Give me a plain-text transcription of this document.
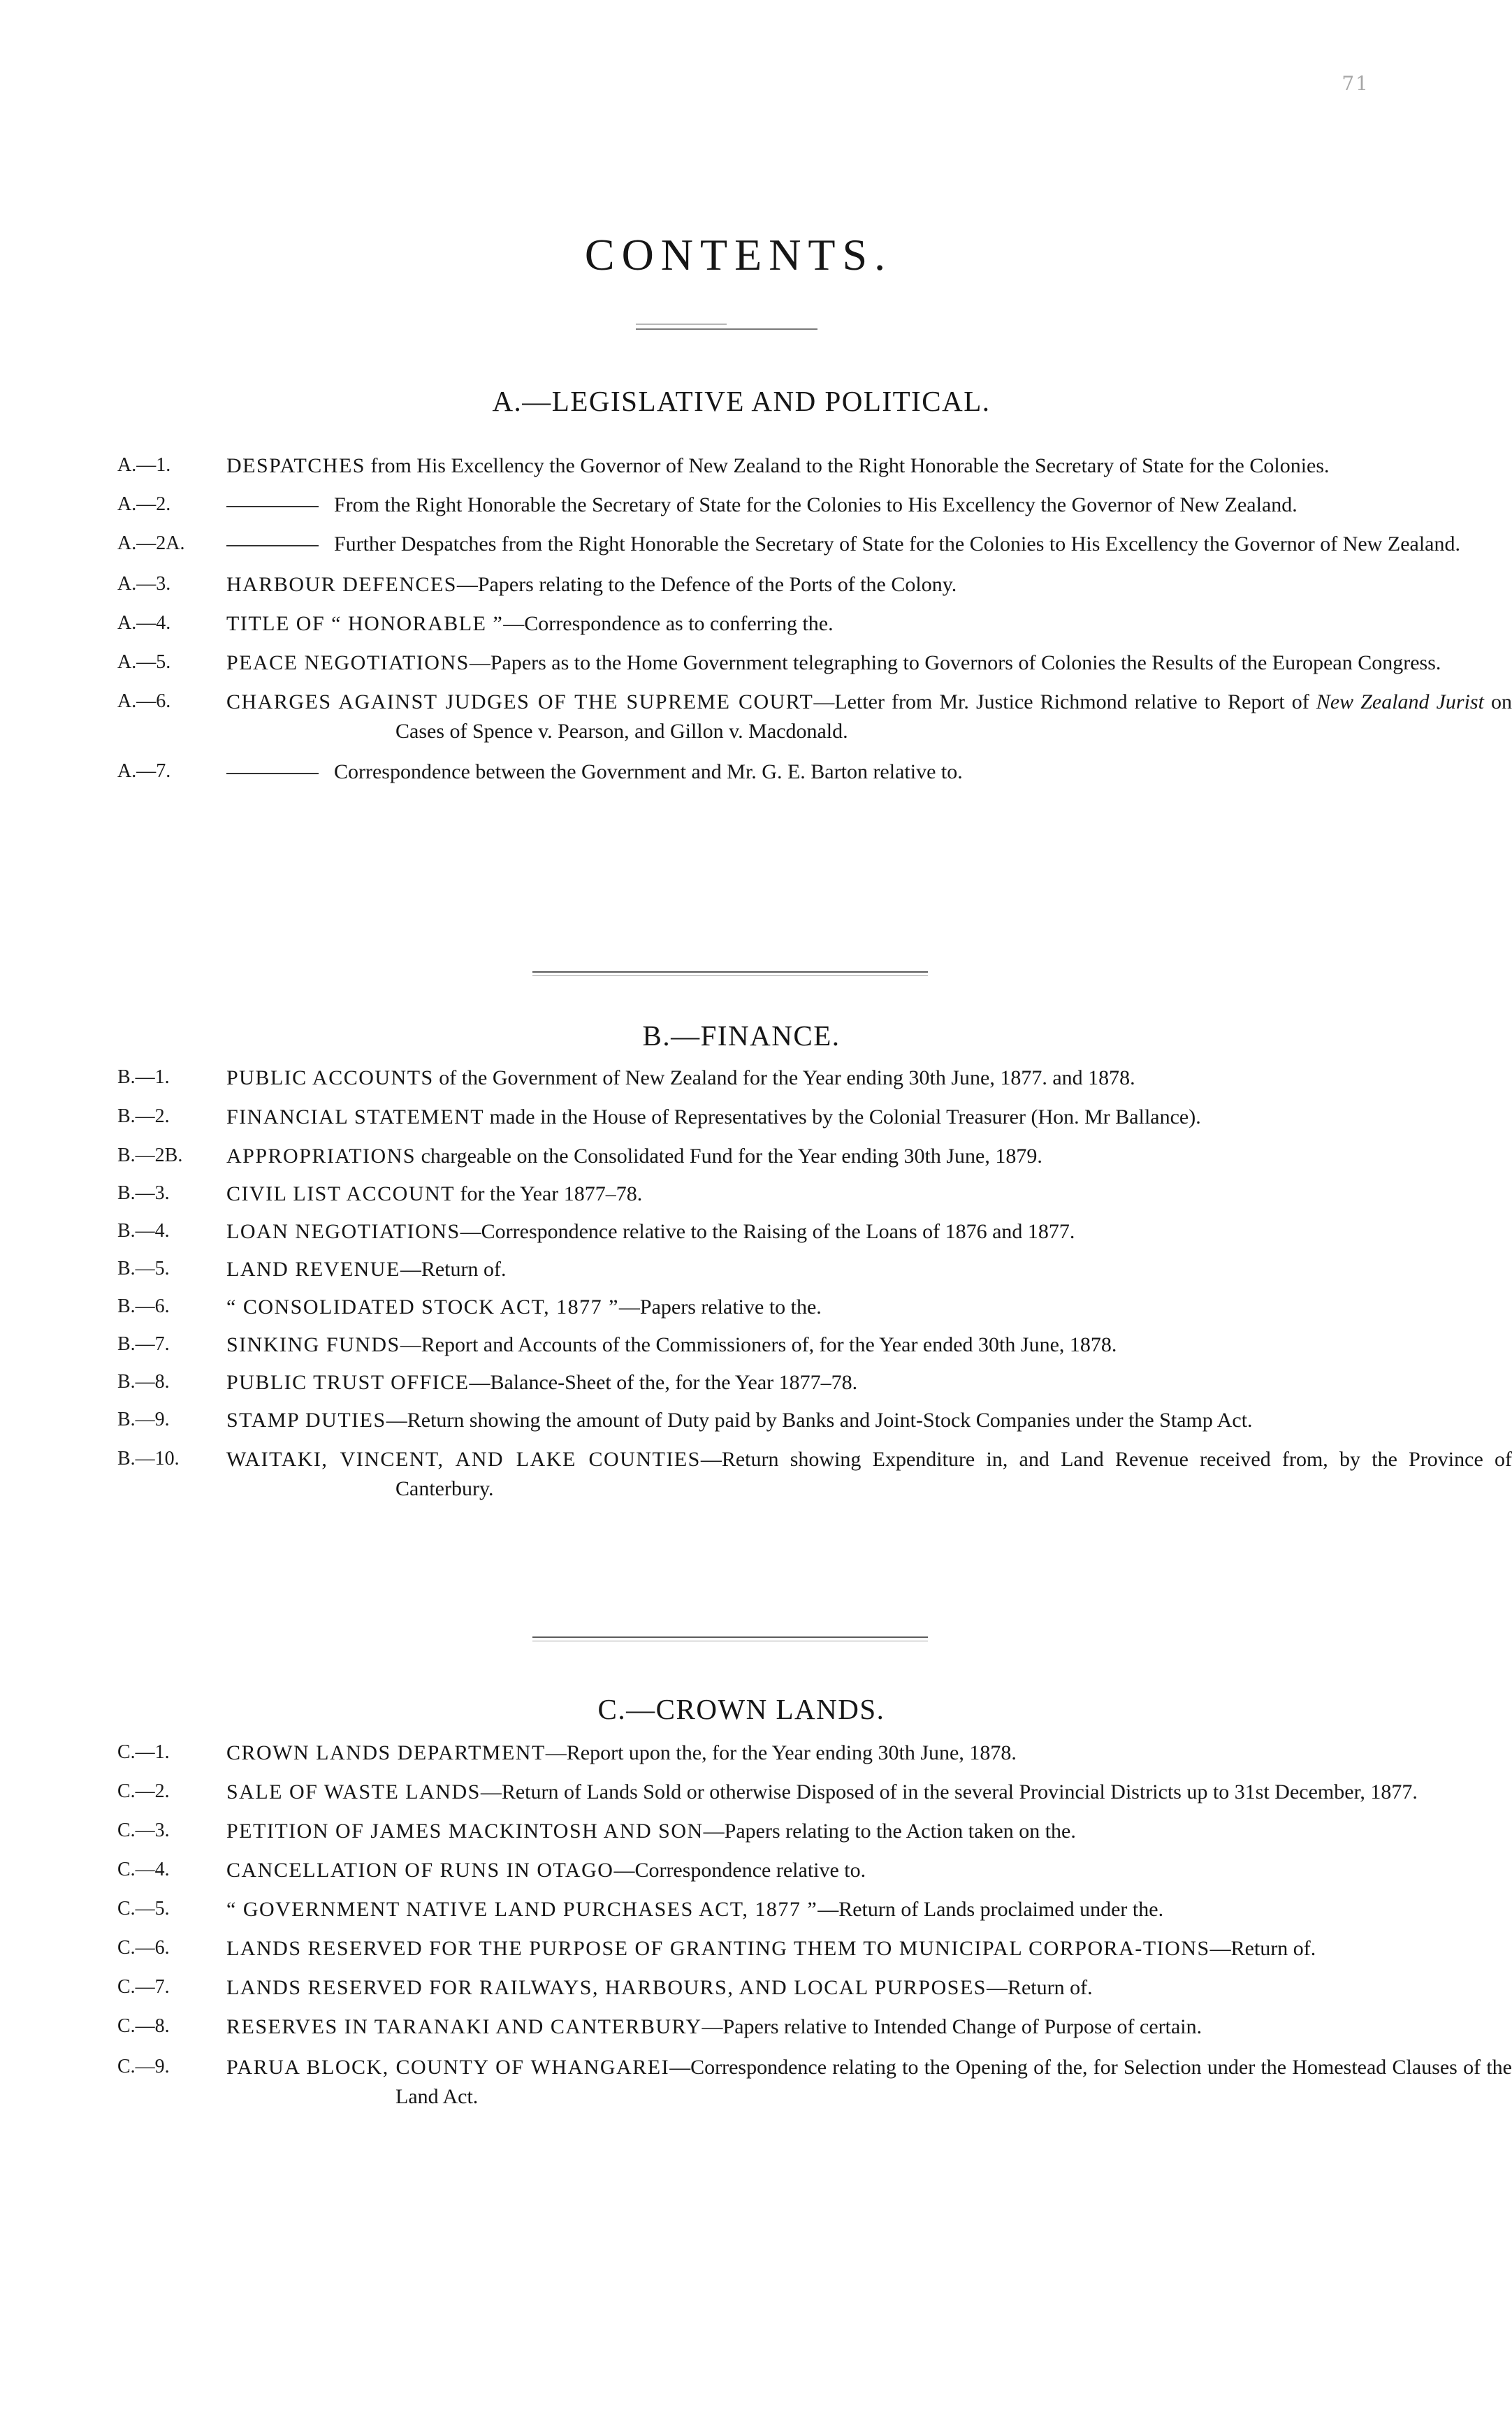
71
CONTENTS.
A.—LEGISLATIVE AND POLITICAL.
A.—1.	DESPATCHES from His Excellency the Governor of New Zealand to the Right Honorable the Secretary of State for the Colonies.
A.—2.	From the Right Honorable the Secretary of State for the Colonies to His Excellency the Governor of New Zealand.
A.—2A.	Further Despatches from the Right Honorable the Secretary of State for the Colonies to His Excellency the Governor of New Zealand.
A.—3.	HARBOUR DEFENCES—Papers relating to the Defence of the Ports of the Colony.
A.—4.	TITLE OF “ HONORABLE ”—Correspondence as to conferring the.
A.—5.	PEACE NEGOTIATIONS—Papers as to the Home Government telegraphing to Governors of Colonies the Results of the European Congress.
A.—6.	CHARGES AGAINST JUDGES OF THE SUPREME COURT—Letter from Mr. Justice Richmond relative to Report of New Zealand Jurist on Cases of Spence v. Pearson, and Gillon v. Macdonald.
A.—7.	Correspondence between the Government and Mr. G. E. Barton relative to.
B.—FINANCE.
B.—1.	PUBLIC ACCOUNTS of the Government of New Zealand for the Year ending 30th June, 1877. and 1878.
B.—2.	FINANCIAL STATEMENT made in the House of Representatives by the Colonial Treasurer (Hon. Mr Ballance).
B.—2B.	APPROPRIATIONS chargeable on the Consolidated Fund for the Year ending 30th June, 1879.
B.—3.	CIVIL LIST ACCOUNT for the Year 1877–78.
B.—4.	LOAN NEGOTIATIONS—Correspondence relative to the Raising of the Loans of 1876 and 1877.
B.—5.	LAND REVENUE—Return of.
B.—6.	“ CONSOLIDATED STOCK ACT, 1877 ”—Papers relative to the.
B.—7.	SINKING FUNDS—Report and Accounts of the Commissioners of, for the Year ended 30th June, 1878.
B.—8.	PUBLIC TRUST OFFICE—Balance-Sheet of the, for the Year 1877–78.
B.—9.	STAMP DUTIES—Return showing the amount of Duty paid by Banks and Joint-Stock Companies under the Stamp Act.
B.—10.	WAITAKI, VINCENT, AND LAKE COUNTIES—Return showing Expenditure in, and Land Revenue received from, by the Province of Canterbury.
C.—CROWN LANDS.
C.—1.	CROWN LANDS DEPARTMENT—Report upon the, for the Year ending 30th June, 1878.
C.—2.	SALE OF WASTE LANDS—Return of Lands Sold or otherwise Disposed of in the several Provincial Districts up to 31st December, 1877.
C.—3.	PETITION OF JAMES MACKINTOSH AND SON—Papers relating to the Action taken on the.
C.—4.	CANCELLATION OF RUNS IN OTAGO—Correspondence relative to.
C.—5.	“ GOVERNMENT NATIVE LAND PURCHASES ACT, 1877 ”—Return of Lands proclaimed under the.
C.—6.	LANDS RESERVED FOR THE PURPOSE OF GRANTING THEM TO MUNICIPAL CORPORA-TIONS—Return of.
C.—7.	LANDS RESERVED FOR RAILWAYS, HARBOURS, AND LOCAL PURPOSES—Return of.
C.—8.	RESERVES IN TARANAKI AND CANTERBURY—Papers relative to Intended Change of Purpose of certain.
C.—9.	PARUA BLOCK, COUNTY OF WHANGAREI—Correspondence relating to the Opening of the, for Selection under the Homestead Clauses of the Land Act.
